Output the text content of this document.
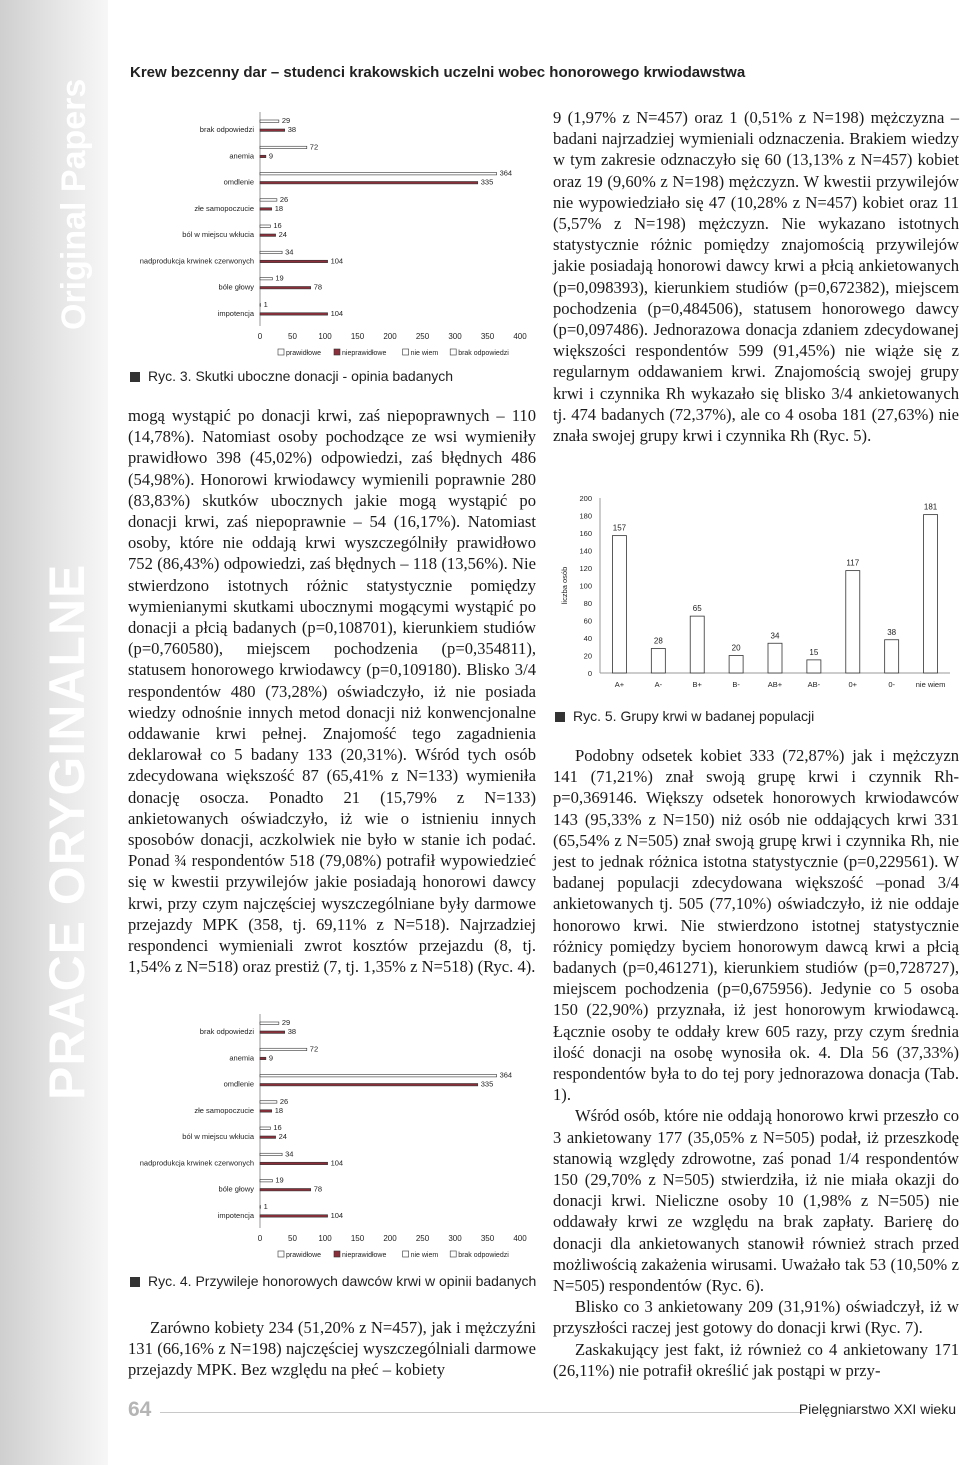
PRACE ORYGINALNE
Original Papers
Krew bezcenny dar – studenci krakowskich uczelni wobec honorowego krwiodawstwa
0	50	100 150 200 250 300 350 400
brak odpowiedzi
29
38
anemia
72
9
omdlenie
364
335
złe samopoczucie
26
18
ból w miejscu wkłucia
16
24
nadprodukcja krwinek czerwonych
34
104
bóle głowy
19
78
impotencja
1
104
prawidłowe	nieprawidłowe	nie wiem	brak odpowiedzi
Ryc. 3. Skutki uboczne donacji - opinia badanych

mogą wystąpić po donacji krwi, zaś niepoprawnych – 110 (14,78%). Natomiast osoby pochodzące ze wsi wymieniły prawidłowo 398 (45,02%) odpowiedzi, zaś błędnych 486 (54,98%). Honorowi krwiodawcy wymienili poprawnie 280 (83,83%) skutków ubocznych jakie mogą wystąpić po donacji krwi, zaś niepoprawnie – 54 (16,17%). Natomiast osoby, które nie oddają krwi wyszczególniły prawidłowo 752 (86,43%) odpowiedzi, zaś błędnych – 118 (13,56%). Nie stwierdzono istotnych różnic statystycznie pomiędzy wymienianymi skutkami ubocznymi mogącymi wystąpić po donacji a płcią badanych (p=0,108701), kierunkiem studiów (p=0,760580), miejscem pochodzenia (p=0,354811), statusem honorowego krwiodawcy (p=0,109180). Blisko 3/4 respondentów 480 (73,28%) oświadczyło, iż nie posiada wiedzy odnośnie innych metod donacji niż konwencjonalne oddawanie krwi pełnej. Znajomość tego zagadnienia deklarował co 5 badany 133 (20,31%). Wśród tych osób zdecydowana większość 87 (65,41% z N=133) wymieniła donację osocza. Ponadto 21 (15,79% z N=133) ankietowanych oświadczyło, iż wie o istnieniu innych sposobów donacji, aczkolwiek nie było w stanie ich podać. Ponad ¾ respondentów 518 (79,08%) potrafił wypowiedzieć się w kwestii przywilejów jakie posiadają honorowi dawcy krwi, przy czym najczęściej wyszczególniane były darmowe przejazdy MPK (358, tj. 69,11% z N=518). Najrzadziej respondenci wymieniali zwrot kosztów przejazdu (8, tj. 1,54% z N=518) oraz prestiż (7, tj. 1,35% z N=518) (Ryc. 4).

0	50	100 150 200 250 300 350 400
brak odpowiedzi
29
38
anemia
72
9
omdlenie
364
335
złe samopoczucie
26
18
ból w miejscu wkłucia
16
24
nadprodukcja krwinek czerwonych
34
104
bóle głowy
19
78
impotencja
1
104
prawidłowe	nieprawidłowe	nie wiem	brak odpowiedzi
Ryc. 4. Przywileje honorowych dawców krwi w opinii badanych

Zarówno kobiety 234 (51,20% z N=457), jak i mężczyźni 131 (66,16% z N=198) najczęściej wyszczególniali darmowe przejazdy MPK. Bez względu na płeć – kobiety

9 (1,97% z N=457) oraz 1 (0,51% z N=198) mężczyzna – badani najrzadziej wymieniali odznaczenia. Brakiem wiedzy w tym zakresie odznaczyło się 60 (13,13% z N=457) kobiet oraz 19 (9,60% z N=198) mężczyzn. W kwestii przywilejów nie wypowiedziało się 47 (10,28% z N=457) kobiet oraz 11 (5,57% z N=198) mężczyzn. Nie wykazano istotnych statystycznie różnic pomiędzy znajomością przywilejów jakie posiadają honorowi dawcy krwi a płcią ankietowanych (p=0,098393), kierunkiem studiów (p=0,672382), miejscem pochodzenia (p=0,484506), statusem honorowego dawcy (p=0,097486). Jednorazowa donacja zdaniem zdecydowanej większości respondentów 599 (91,45%) nie wiąże się z regularnym oddawaniem krwi. Znajomością swojej grupy krwi i czynnika Rh wykazało się blisko 3/4 ankietowanych tj. 474 badanych (72,37%), ale co 4 osoba 181 (27,63%) nie znała swojej grupy krwi i czynnika Rh (Ryc. 5).

0
20
40
60
80
100
120
140
160
180
200
liczba osób
157
A+
28
A-
65
B+
20
B-
34
AB+
15
AB-
117
0+
38
0-
181
nie wiem
Ryc. 5. Grupy krwi w badanej populacji

Podobny odsetek kobiet 333 (72,87%) jak i mężczyzn 141 (71,21%) znał swoją grupę krwi i czynnik Rh-p=0,369146. Większy odsetek honorowych krwiodawców 143 (95,33% z N=150) niż osób nie oddających krwi 331 (65,54% z N=505) znał swoją grupę krwi i czynnika Rh, nie jest to jednak różnica istotna statystycznie (p=0,229561). W badanej populacji zdecydowana większość –ponad 3/4 ankietowanych tj. 505 (77,10%) oświadczyło, iż nie oddaje honorowo krwi. Nie stwierdzono istotnej statystycznie różnicy pomiędzy byciem honorowym dawcą krwi a płcią badanych (p=0,461271), kierunkiem studiów (p=0,728727), miejscem pochodzenia (p=0,675956). Jedynie co 5 osoba 150 (22,90%) przyznała, iż jest honorowym krwiodawcą. Łącznie osoby te oddały krew 605 razy, przy czym średnia ilość donacji na osobę wynosiła ok. 4. Dla 56 (37,33%) respondentów była to do tej pory jednorazowa donacja (Tab. 1).

Wśród osób, które nie oddają honorowo krwi przeszło co 3 ankietowany 177 (35,05% z N=505) podał, iż przeszkodę stanowią względy zdrowotne, zaś ponad 1/4 respondentów 150 (29,70% z N=505) stwierdziła, iż nie miała okazji do donacji krwi. Nieliczne osoby 10 (1,98% z N=505) nie oddawały krwi ze względu na brak zapłaty. Barierę do donacji dla ankietowanych stanowił również strach przed możliwością zakażenia wirusami. Uważało tak 53 (10,50% z N=505) respondentów (Ryc. 6).

Blisko co 3 ankietowany 209 (31,91%) oświadczył, iż w przyszłości raczej jest gotowy do donacji krwi (Ryc. 7).

Zaskakujący jest fakt, iż również co 4 ankietowany 171 (26,11%) nie potrafił określić jak postąpi w przy-

64	Pielęgniarstwo XXI wieku
